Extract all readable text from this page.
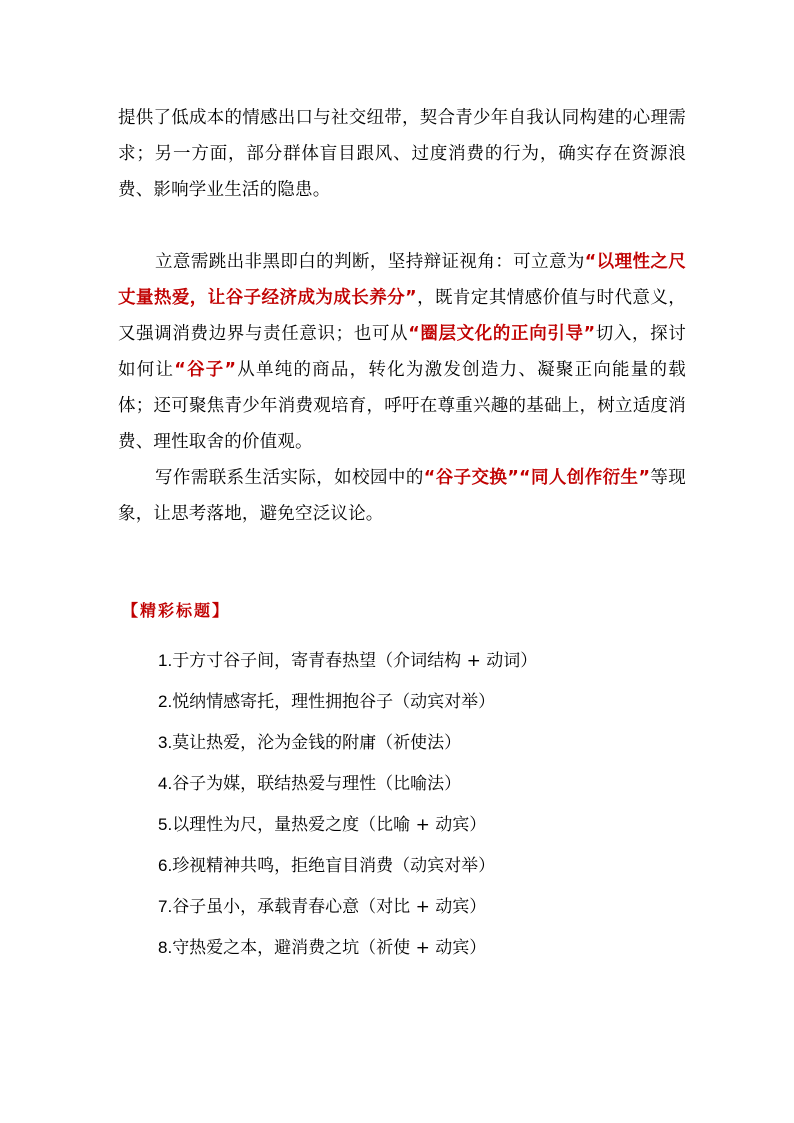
提供了低成本的情感出口与社交纽带，契合青少年自我认同构建的心理需求；另一方面，部分群体盲目跟风、过度消费的行为，确实存在资源浪费、影响学业生活的隐患。

立意需跳出非黑即白的判断，坚持辩证视角：可立意为“以理性之尺丈量热爱，让谷子经济成为成长养分”，既肯定其情感价值与时代意义，又强调消费边界与责任意识；也可从“圈层文化的正向引导”切入，探讨如何让“谷子”从单纯的商品，转化为激发创造力、凝聚正向能量的载体；还可聚焦青少年消费观培育，呼吁在尊重兴趣的基础上，树立适度消费、理性取舍的价值观。

写作需联系生活实际，如校园中的“谷子交换”“同人创作衍生”等现象，让思考落地，避免空泛议论。

【精彩标题】

1.于方寸谷子间，寄青春热望（介词结构 + 动词）
2.悦纳情感寄托，理性拥抱谷子（动宾对举）
3.莫让热爱，沦为金钱的附庸（祈使法）
4.谷子为媒，联结热爱与理性（比喻法）
5.以理性为尺，量热爱之度（比喻 + 动宾）
6.珍视精神共鸣，拒绝盲目消费（动宾对举）
7.谷子虽小，承载青春心意（对比 + 动宾）
8.守热爱之本，避消费之坑（祈使 + 动宾）
